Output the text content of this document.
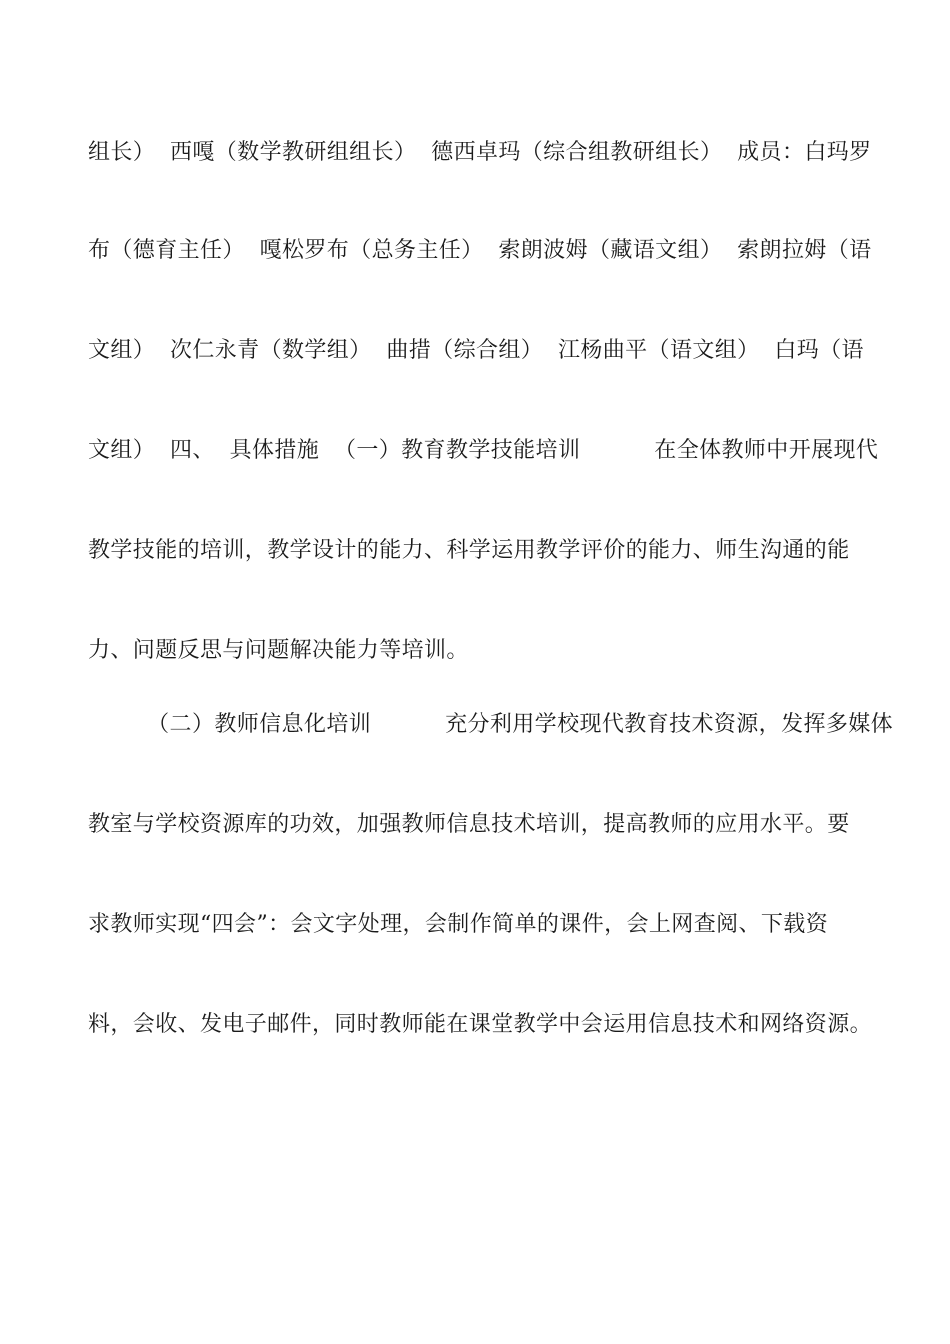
组长）  西嘎（数学教研组组长）  德西卓玛（综合组教研组长）  成员：白玛罗
布（德育主任）  嘎松罗布（总务主任）  索朗波姆（藏语文组）  索朗拉姆（语
文组）  次仁永青（数学组）  曲措（综合组）  江杨曲平（语文组）  白玛（语
文组）  四、  具体措施  （一）教育教学技能培训          在全体教师中开展现代
教学技能的培训，教学设计的能力、科学运用教学评价的能力、师生沟通的能
力、问题反思与问题解决能力等培训。
（二）教师信息化培训          充分利用学校现代教育技术资源，发挥多媒体
教室与学校资源库的功效，加强教师信息技术培训，提高教师的应用水平。要
求教师实现“四会”：会文字处理，会制作简单的课件，会上网查阅、下载资
料，会收、发电子邮件，同时教师能在课堂教学中会运用信息技术和网络资源。
